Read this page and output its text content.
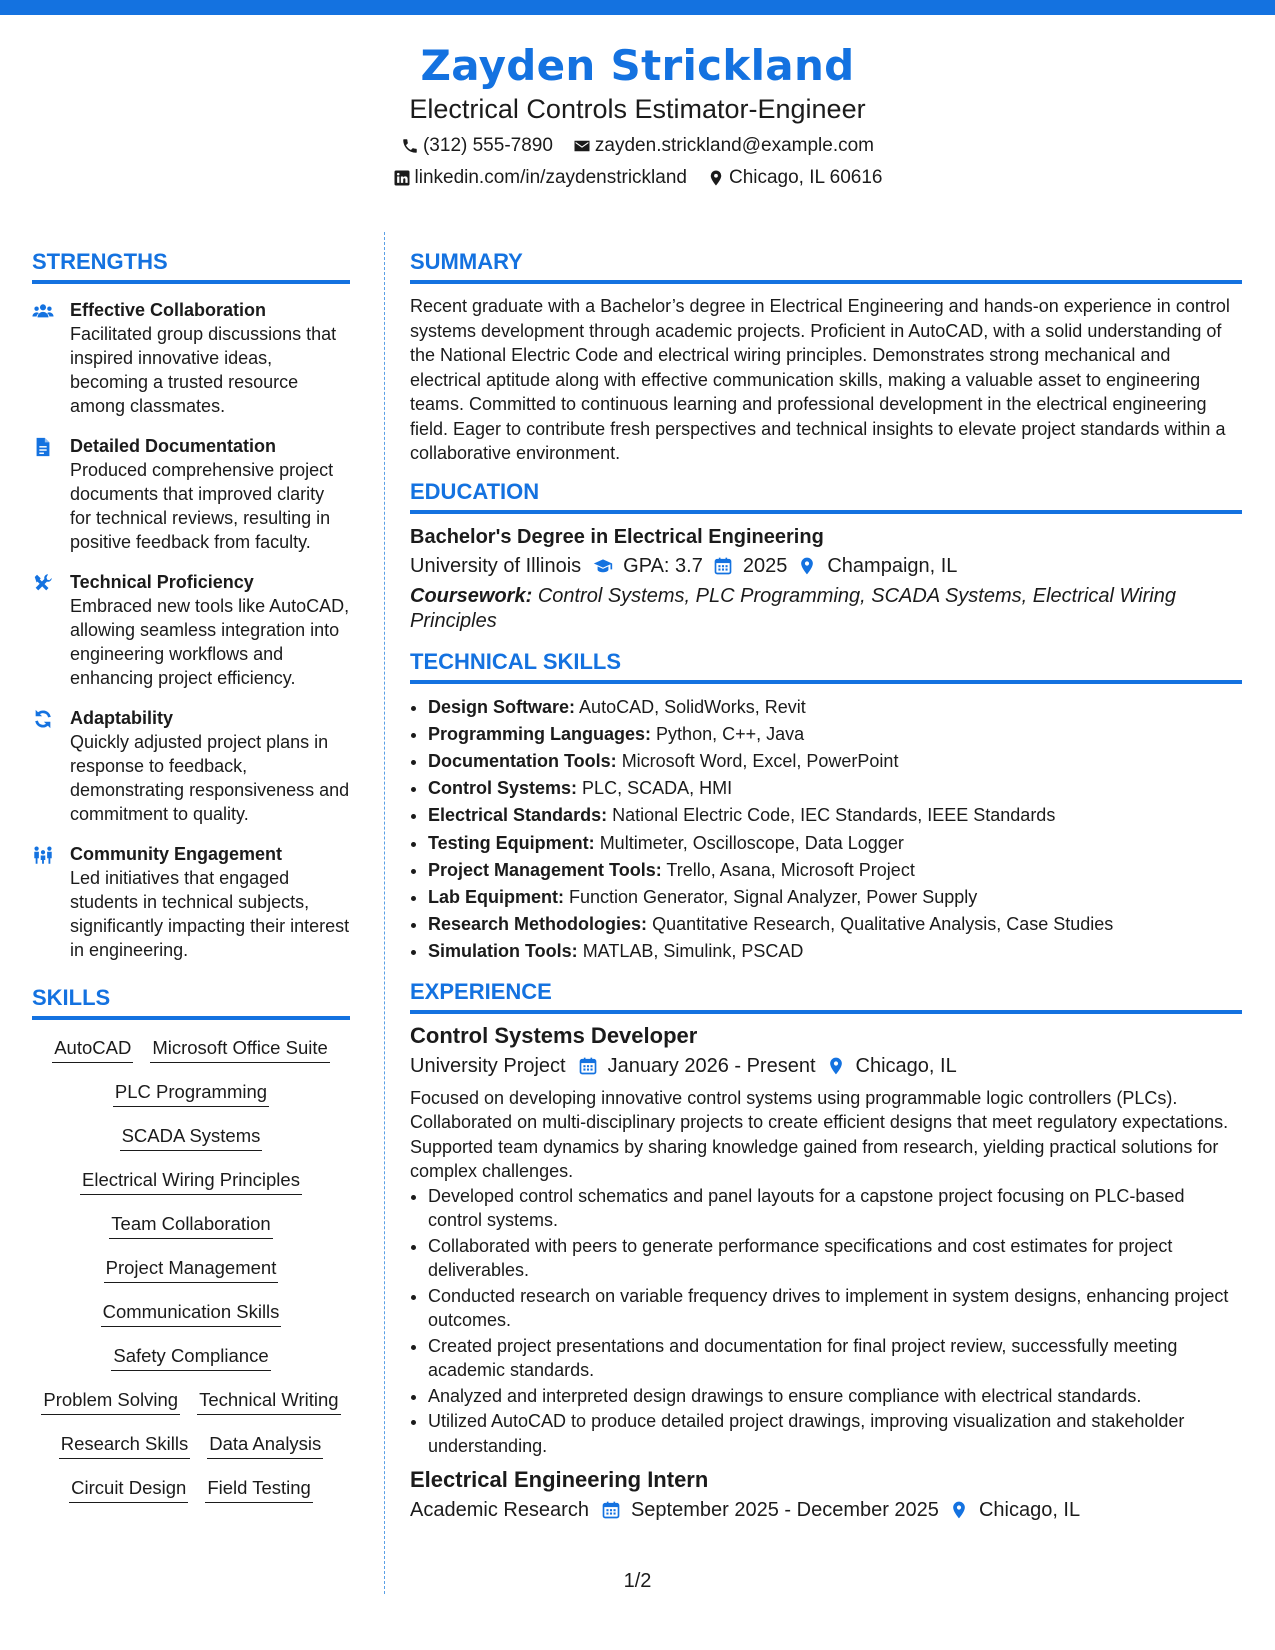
Zayden Strickland
Electrical Controls Estimator-Engineer
(312) 555-7890 zayden.strickland@example.com
linkedin.com/in/zaydenstrickland Chicago, IL 60616
STRENGTHS
Effective Collaboration
Facilitated group discussions that inspired innovative ideas, becoming a trusted resource among classmates.
Detailed Documentation
Produced comprehensive project documents that improved clarity for technical reviews, resulting in positive feedback from faculty.
Technical Proficiency
Embraced new tools like AutoCAD, allowing seamless integration into engineering workflows and enhancing project efficiency.
Adaptability
Quickly adjusted project plans in response to feedback, demonstrating responsiveness and commitment to quality.
Community Engagement
Led initiatives that engaged students in technical subjects, significantly impacting their interest in engineering.
SKILLS
AutoCAD Microsoft Office Suite
PLC Programming
SCADA Systems
Electrical Wiring Principles
Team Collaboration
Project Management
Communication Skills
Safety Compliance
Problem Solving Technical Writing
Research Skills Data Analysis
Circuit Design Field Testing
SUMMARY
Recent graduate with a Bachelor’s degree in Electrical Engineering and hands-on experience in control systems development through academic projects. Proficient in AutoCAD, with a solid understanding of the National Electric Code and electrical wiring principles. Demonstrates strong mechanical and electrical aptitude along with effective communication skills, making a valuable asset to engineering teams. Committed to continuous learning and professional development in the electrical engineering field. Eager to contribute fresh perspectives and technical insights to elevate project standards within a collaborative environment.
EDUCATION
Bachelor's Degree in Electrical Engineering
University of Illinois GPA: 3.7 2025 Champaign, IL
Coursework: Control Systems, PLC Programming, SCADA Systems, Electrical Wiring Principles
TECHNICAL SKILLS
• Design Software: AutoCAD, SolidWorks, Revit
• Programming Languages: Python, C++, Java
• Documentation Tools: Microsoft Word, Excel, PowerPoint
• Control Systems: PLC, SCADA, HMI
• Electrical Standards: National Electric Code, IEC Standards, IEEE Standards
• Testing Equipment: Multimeter, Oscilloscope, Data Logger
• Project Management Tools: Trello, Asana, Microsoft Project
• Lab Equipment: Function Generator, Signal Analyzer, Power Supply
• Research Methodologies: Quantitative Research, Qualitative Analysis, Case Studies
• Simulation Tools: MATLAB, Simulink, PSCAD
EXPERIENCE
Control Systems Developer
University Project January 2026 - Present Chicago, IL
Focused on developing innovative control systems using programmable logic controllers (PLCs). Collaborated on multi-disciplinary projects to create efficient designs that meet regulatory expectations. Supported team dynamics by sharing knowledge gained from research, yielding practical solutions for complex challenges.
• Developed control schematics and panel layouts for a capstone project focusing on PLC-based control systems.
• Collaborated with peers to generate performance specifications and cost estimates for project deliverables.
• Conducted research on variable frequency drives to implement in system designs, enhancing project outcomes.
• Created project presentations and documentation for final project review, successfully meeting academic standards.
• Analyzed and interpreted design drawings to ensure compliance with electrical standards.
• Utilized AutoCAD to produce detailed project drawings, improving visualization and stakeholder understanding.
Electrical Engineering Intern
Academic Research September 2025 - December 2025 Chicago, IL
1/2
